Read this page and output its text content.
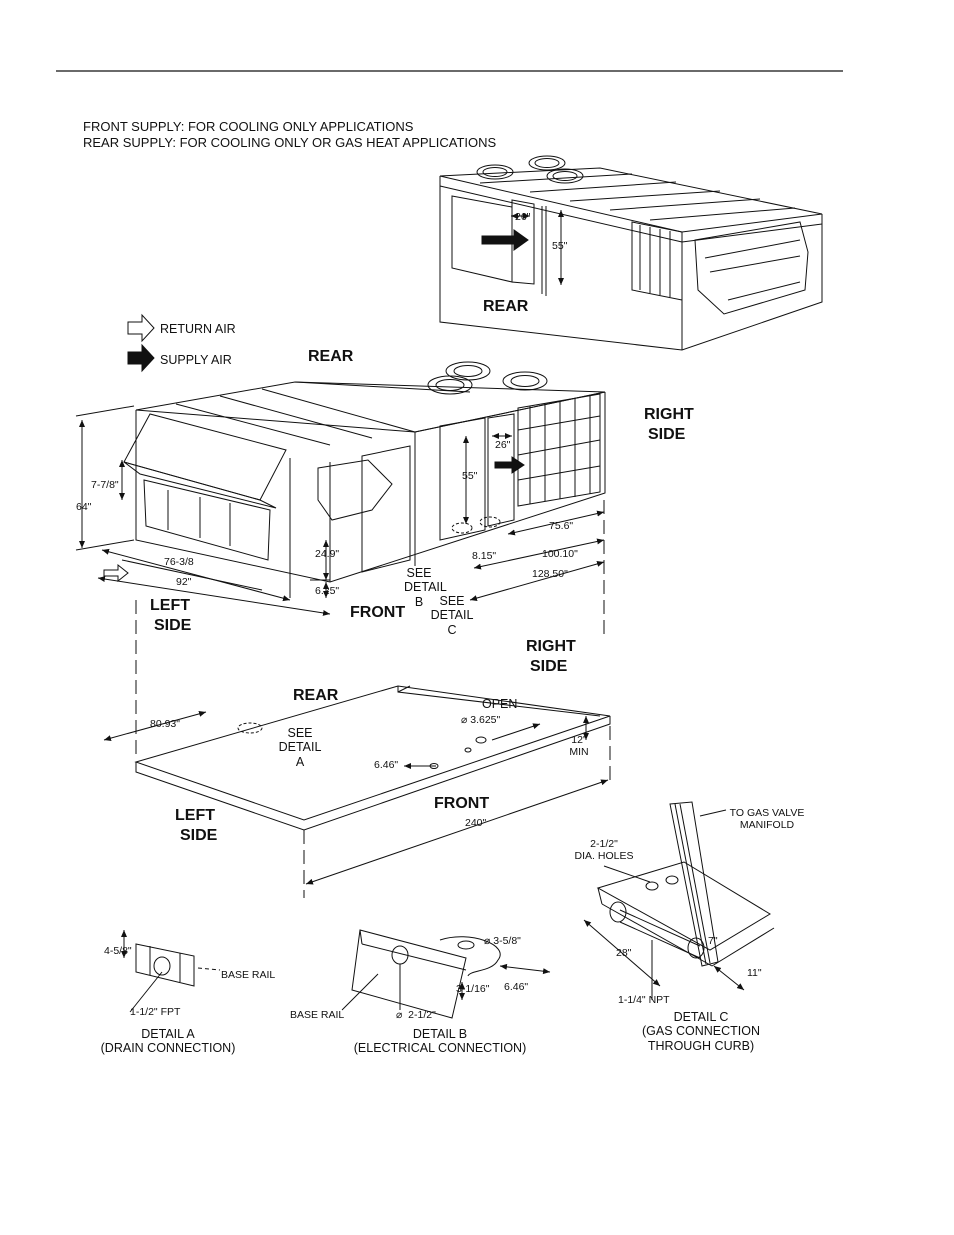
FRONT SUPPLY: FOR COOLING ONLY APPLICATIONS
REAR SUPPLY: FOR COOLING ONLY OR GAS HEAT APPLICATIONS
RETURN AIR
SUPPLY AIR
REAR
26"
55"
REAR
RIGHT
SIDE
LEFT
SIDE
FRONT
26"
55"
7-7/8"
64"
76-3/8
92"
24.9"
6.25"
8.15"
75.6"
100.10"
128.50"
SEE
DETAIL
B	SEE
DETAIL
C
RIGHT
SIDE
REAR	OPEN
⌀ 3.625"
80.93"
6.46"
12"
MIN
SEE
DETAIL
A
FRONT
LEFT
SIDE
240"
4-5/8"
BASE RAIL
1-1/2" FPT
DETAIL A
(DRAIN CONNECTION)
⌀ 3-5/8"
3-1/16" 6.46"
BASE RAIL	⌀  2-1/2"
DETAIL B
(ELECTRICAL CONNECTION)
TO GAS VALVE
MANIFOLD
2-1/2"
DIA. HOLES
28"
7"
11"
1-1/4" NPT
DETAIL C
(GAS CONNECTION
THROUGH CURB)
